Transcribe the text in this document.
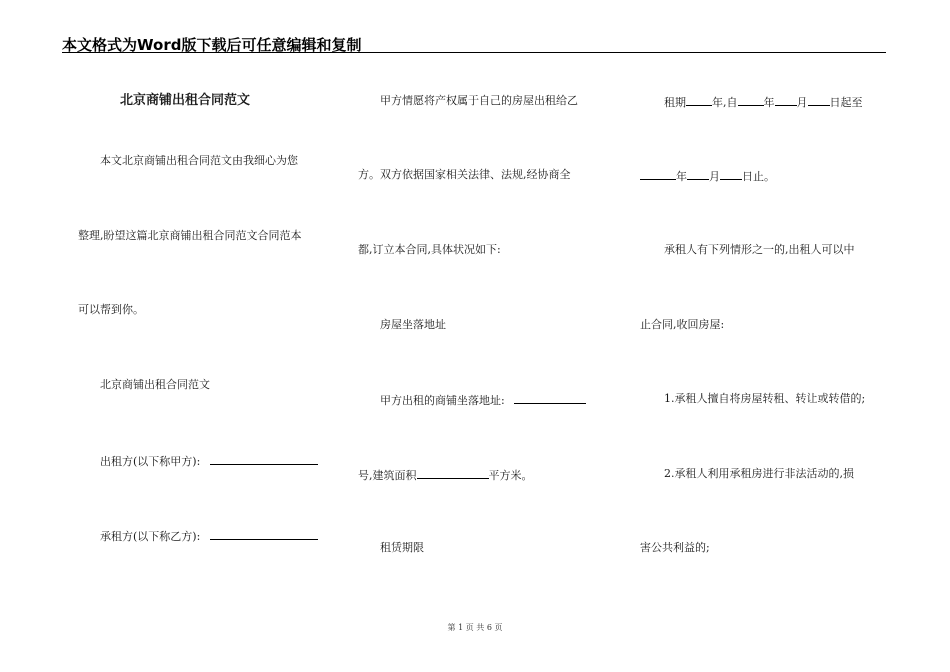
本文格式为Word版下载后可任意编辑和复制
北京商铺出租合同范文
本文北京商铺出租合同范文由我细心为您
整理,盼望这篇北京商铺出租合同范文合同范本
可以帮到你。
北京商铺出租合同范文
出租方(以下称甲方):
承租方(以下称乙方):
甲方情愿将产权属于自己的房屋出租给乙
方。双方依据国家相关法律、法规,经协商全
都,订立本合同,具体状况如下:
房屋坐落地址
甲方出租的商铺坐落地址:
号,建筑面积	平方米。
租赁期限
租期 年,自 年 月 日起至
年 月 日止。
承租人有下列情形之一的,出租人可以中
止合同,收回房屋:
1.承租人擅自将房屋转租、转让或转借的;
2.承租人利用承租房进行非法活动的,损
害公共利益的;
第 1 页 共 6 页
